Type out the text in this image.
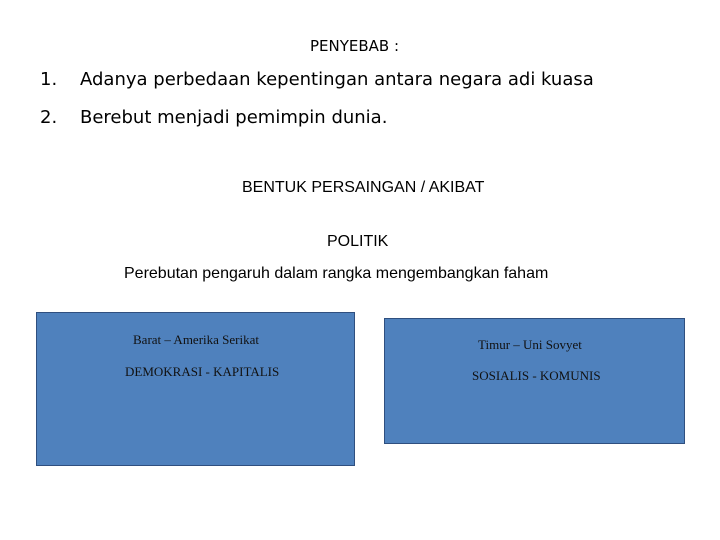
PENYEBAB :
1. Adanya perbedaan kepentingan antara negara adi kuasa
2. Berebut menjadi pemimpin dunia.
BENTUK PERSAINGAN / AKIBAT
POLITIK
Perebutan pengaruh dalam rangka mengembangkan faham
Barat – Amerika Serikat
DEMOKRASI - KAPITALIS
Timur – Uni Sovyet
SOSIALIS - KOMUNIS
